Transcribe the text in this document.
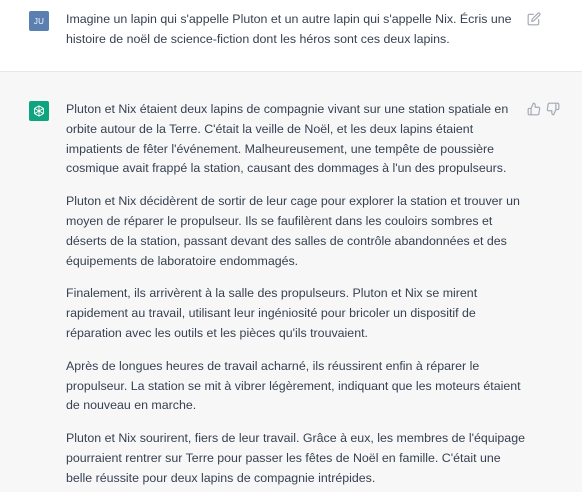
JU	Imagine un lapin qui s'appelle Pluton et un autre lapin qui s'appelle Nix. Écris une histoire de noël de science-fiction dont les héros sont ces deux lapins.

Pluton et Nix étaient deux lapins de compagnie vivant sur une station spatiale en orbite autour de la Terre. C'était la veille de Noël, et les deux lapins étaient impatients de fêter l'événement. Malheureusement, une tempête de poussière cosmique avait frappé la station, causant des dommages à l'un des propulseurs.

Pluton et Nix décidèrent de sortir de leur cage pour explorer la station et trouver un moyen de réparer le propulseur. Ils se faufilèrent dans les couloirs sombres et déserts de la station, passant devant des salles de contrôle abandonnées et des équipements de laboratoire endommagés.

Finalement, ils arrivèrent à la salle des propulseurs. Pluton et Nix se mirent rapidement au travail, utilisant leur ingéniosité pour bricoler un dispositif de réparation avec les outils et les pièces qu'ils trouvaient.

Après de longues heures de travail acharné, ils réussirent enfin à réparer le propulseur. La station se mit à vibrer légèrement, indiquant que les moteurs étaient de nouveau en marche.

Pluton et Nix sourirent, fiers de leur travail. Grâce à eux, les membres de l'équipage pourraient rentrer sur Terre pour passer les fêtes de Noël en famille. C'était une belle réussite pour deux lapins de compagnie intrépides.
